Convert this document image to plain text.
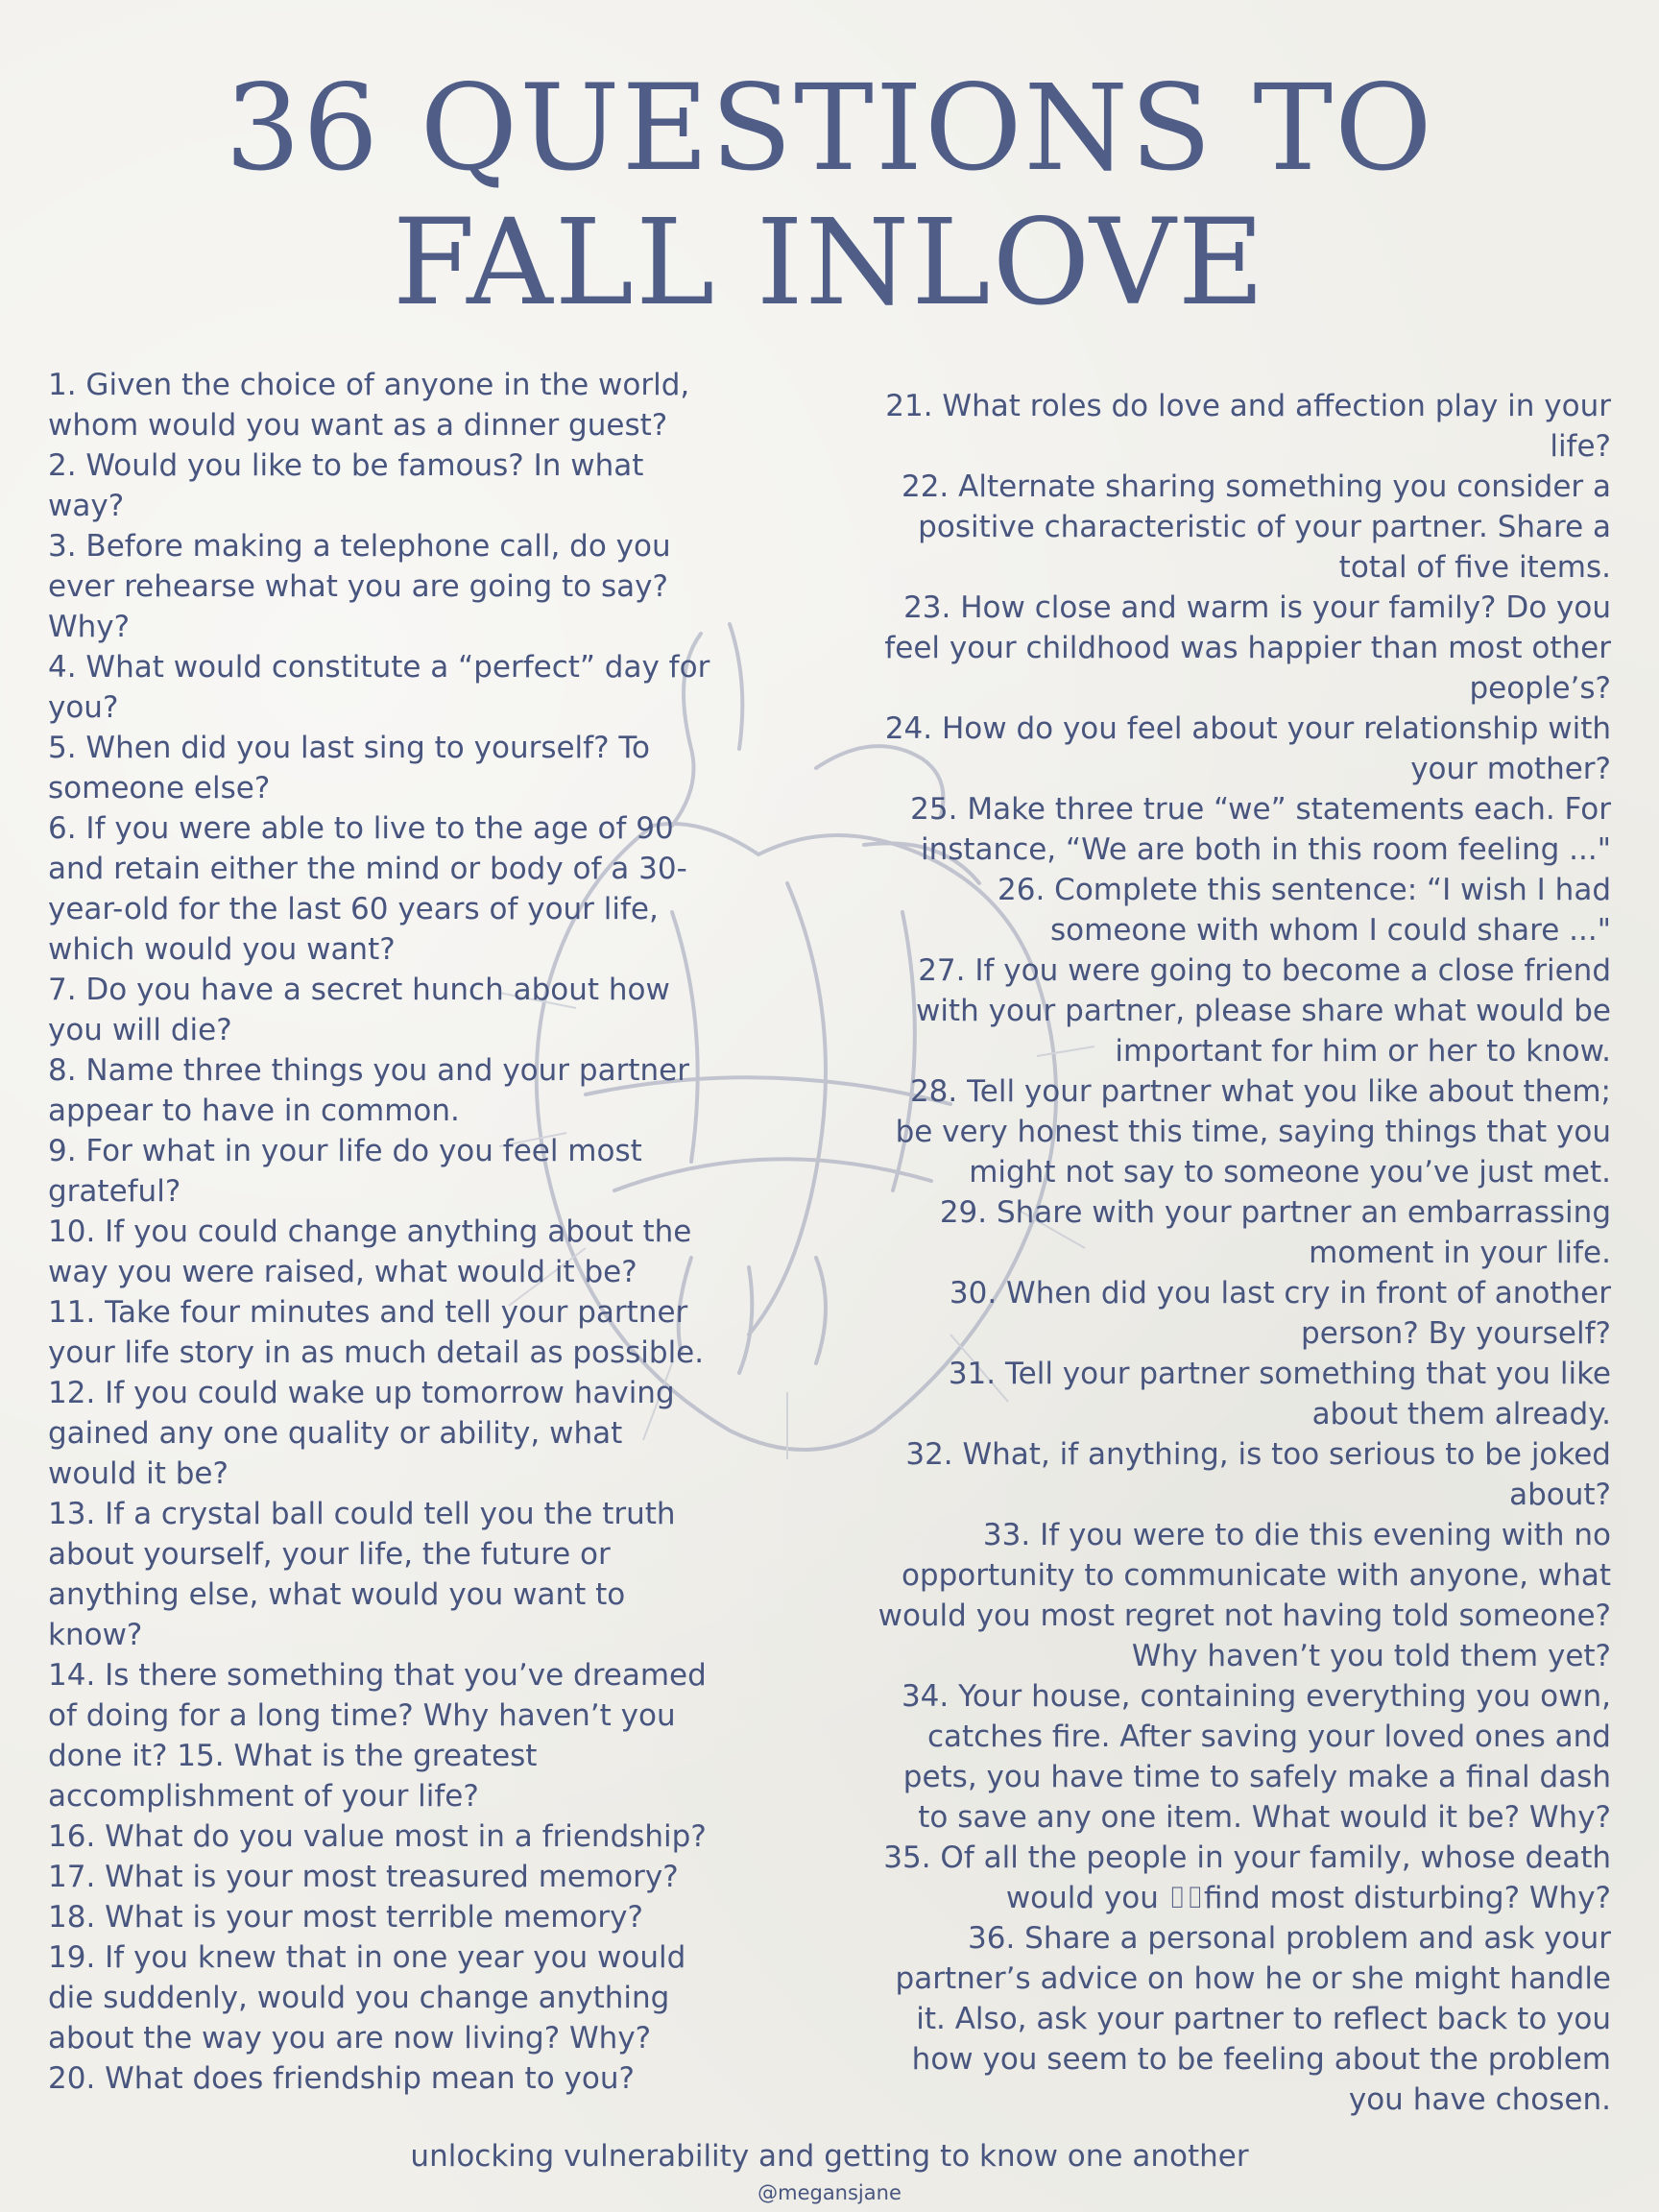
36 QUESTIONS TO
FALL INLOVE

1. Given the choice of anyone in the world, whom would you want as a dinner guest?

2. Would you like to be famous? In what way?

3. Before making a telephone call, do you ever rehearse what you are going to say? Why?

4. What would constitute a “perfect” day for you?

5. When did you last sing to yourself? To someone else?

6. If you were able to live to the age of 90 and retain either the mind or body of a 30-year-old for the last 60 years of your life, which would you want?

7. Do you have a secret hunch about how you will die?

8. Name three things you and your partner appear to have in common.

9. For what in your life do you feel most grateful?

10. If you could change anything about the way you were raised, what would it be?

11. Take four minutes and tell your partner your life story in as much detail as possible.

12. If you could wake up tomorrow having gained any one quality or ability, what would it be?

13. If a crystal ball could tell you the truth about yourself, your life, the future or anything else, what would you want to know?

14. Is there something that you’ve dreamed of doing for a long time? Why haven’t you done it? 15. What is the greatest accomplishment of your life?

16. What do you value most in a friendship?

17. What is your most treasured memory?

18. What is your most terrible memory?

19. If you knew that in one year you would die suddenly, would you change anything about the way you are now living? Why?

20. What does friendship mean to you?

21. What roles do love and affection play in your life?

22. Alternate sharing something you consider a positive characteristic of your partner. Share a total of five items.

23. How close and warm is your family? Do you feel your childhood was happier than most other people’s?

24. How do you feel about your relationship with your mother?

25. Make three true “we” statements each. For instance, “We are both in this room feeling ..."

26. Complete this sentence: “I wish I had someone with whom I could share ..."

27. If you were going to become a close friend with your partner, please share what would be important for him or her to know.

28. Tell your partner what you like about them; be very honest this time, saying things that you might not say to someone you’ve just met.

29. Share with your partner an embarrassing moment in your life.

30. When did you last cry in front of another person? By yourself?

31. Tell your partner something that you like about them already.

32. What, if anything, is too serious to be joked about?

33. If you were to die this evening with no opportunity to communicate with anyone, what would you most regret not having told someone? Why haven’t you told them yet?

34. Your house, containing everything you own, catches fire. After saving your loved ones and pets, you have time to safely make a final dash to save any one item. What would it be? Why?

35. Of all the people in your family, whose death would you ⌷⌷find most disturbing? Why?

36. Share a personal problem and ask your partner’s advice on how he or she might handle it. Also, ask your partner to reflect back to you how you seem to be feeling about the problem you have chosen.

unlocking vulnerability and getting to know one another
@megansjane
